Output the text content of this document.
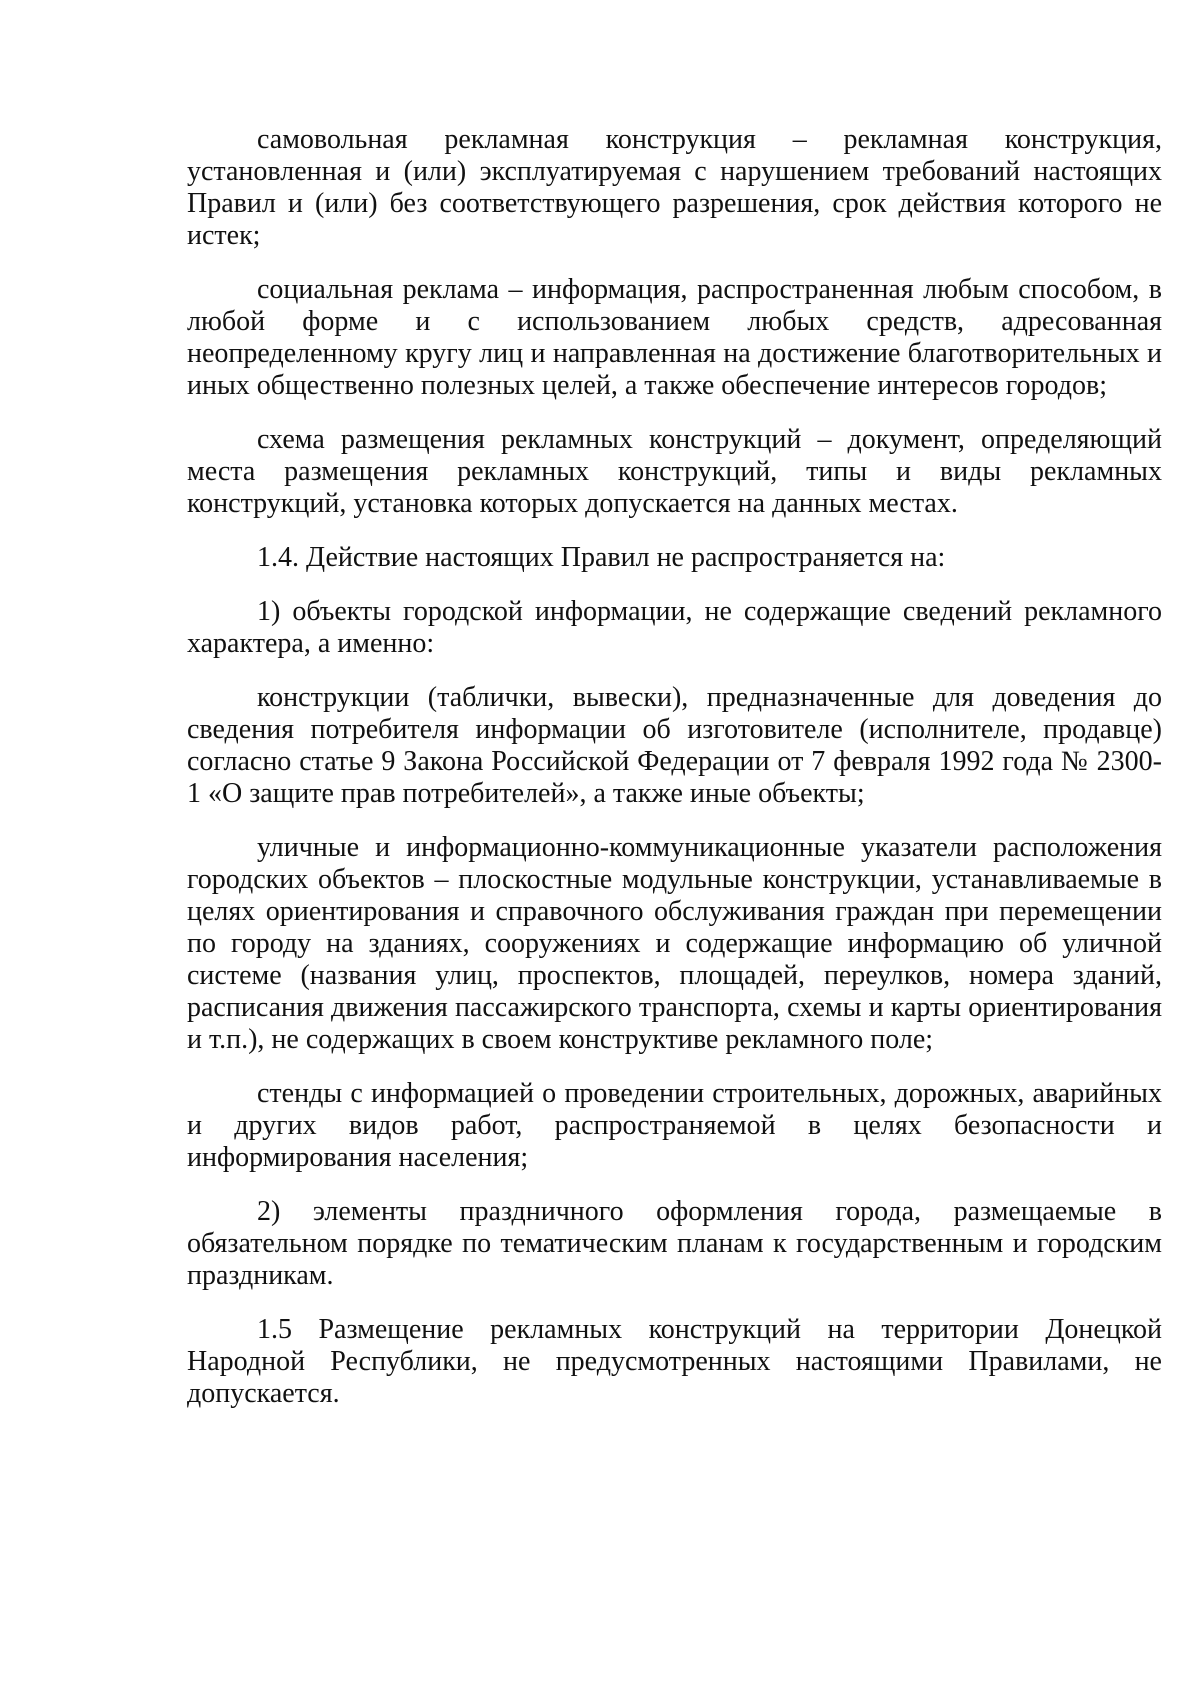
самовольная рекламная конструкция – рекламная конструкция, установленная и (или) эксплуатируемая с нарушением требований настоящих Правил и (или) без соответствующего разрешения, срок действия которого не истек;

социальная реклама – информация, распространенная любым способом, в любой форме и с использованием любых средств, адресованная неопределенному кругу лиц и направленная на достижение благотворительных и иных общественно полезных целей, а также обеспечение интересов городов;

схема размещения рекламных конструкций – документ, определяющий места размещения рекламных конструкций, типы и виды рекламных конструкций, установка которых допускается на данных местах.

1.4. Действие настоящих Правил не распространяется на:

1) объекты городской информации, не содержащие сведений рекламного характера, а именно:

конструкции (таблички, вывески), предназначенные для доведения до сведения потребителя информации об изготовителе (исполнителе, продавце) согласно статье 9 Закона Российской Федерации от 7 февраля 1992 года № 2300-1 «О защите прав потребителей», а также иные объекты;

уличные и информационно-коммуникационные указатели расположения городских объектов – плоскостные модульные конструкции, устанавливаемые в целях ориентирования и справочного обслуживания граждан при перемещении по городу на зданиях, сооружениях и содержащие информацию об уличной системе (названия улиц, проспектов, площадей, переулков, номера зданий, расписания движения пассажирского транспорта, схемы и карты ориентирования и т.п.), не содержащих в своем конструктиве рекламного поле;

стенды с информацией о проведении строительных, дорожных, аварийных и других видов работ, распространяемой в целях безопасности и информирования населения;

2) элементы праздничного оформления города, размещаемые в обязательном порядке по тематическим планам к государственным и городским праздникам.

1.5 Размещение рекламных конструкций на территории Донецкой Народной Республики, не предусмотренных настоящими Правилами, не допускается.
